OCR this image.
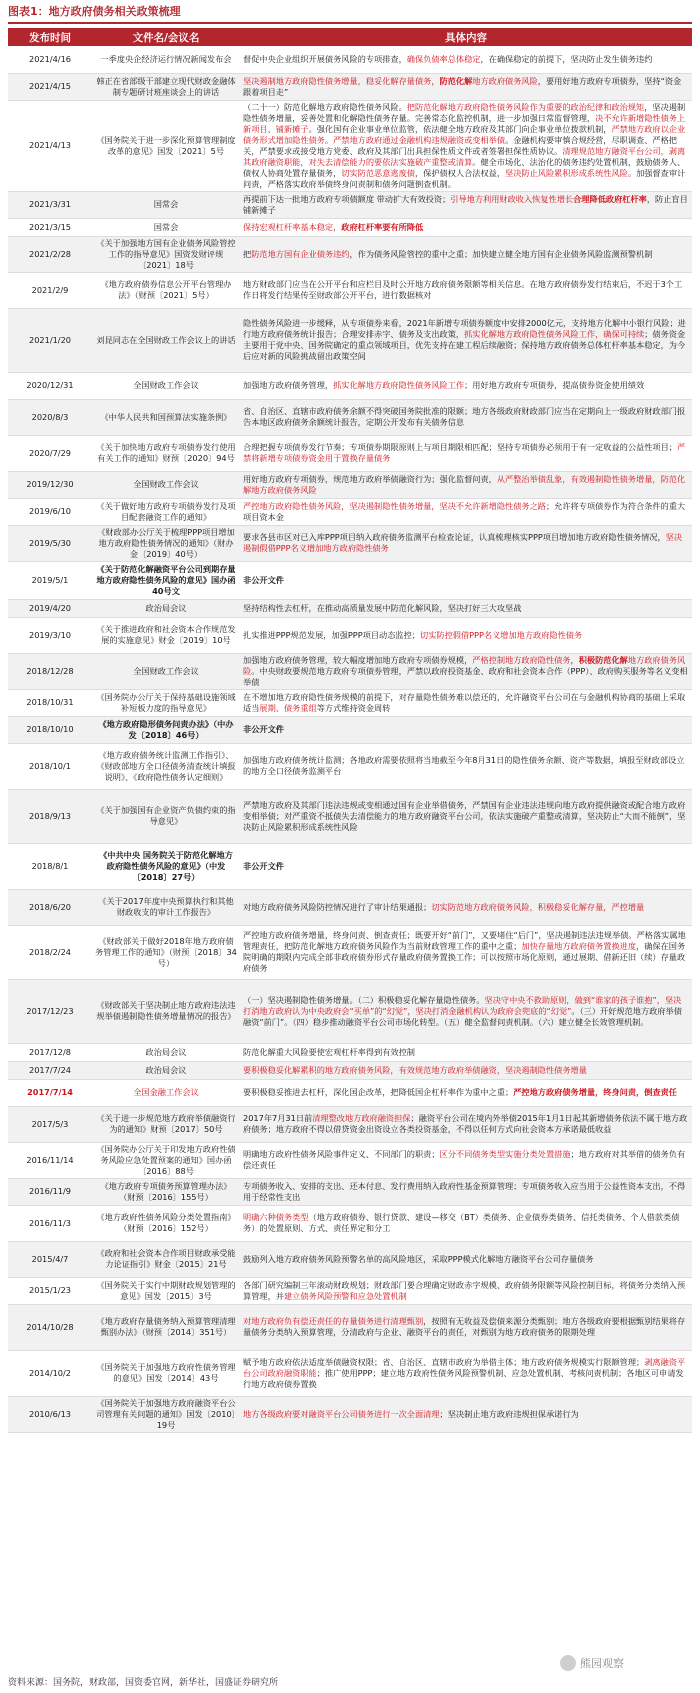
图表1：地方政府债务相关政策梳理
发布时间	文件名/会议名	具体内容
2021/4/16	一季度央企经济运行情况新闻发布会	督促中央企业组织开展债务风险的专项排查，确保负债率总体稳定，在确保稳定的前提下，坚决防止发生债务违约
2021/4/15	韩正在省部级干部建立现代财政金融体制专题研讨班座谈会上的讲话	坚决遏制地方政府隐性债务增量，稳妥化解存量债务，防范化解地方政府债务风险，要用好地方政府专项债券，坚持“资金跟着项目走”
2021/4/13	《国务院关于进一步深化预算管理制度改革的意见》国发〔2021〕5号	（二十一）防范化解地方政府隐性债务风险。把防范化解地方政府隐性债务风险作为重要的政治纪律和政治规矩，坚决遏制隐性债务增量，妥善处置和化解隐性债务存量。完善常态化监控机制，进一步加强日常监督管理，决不允许新增隐性债务上新项目、铺新摊子。强化国有企业事业单位监管，依法健全地方政府及其部门向企事业单位拨款机制，严禁地方政府以企业债务形式增加隐性债务。严禁地方政府通过金融机构违规融资或变相举债。金融机构要审慎合规经营，尽职调查、严格把关，严禁要求或接受地方党委、政府及其部门出具担保性质文件或者签署担保性质协议。清理规范地方融资平台公司，剥离其政府融资职能，对失去清偿能力的要依法实施破产重整或清算。健全市场化、法治化的债务违约处置机制，鼓励债务人、债权人协商处置存量债务，切实防范恶意逃废债，保护债权人合法权益，坚决防止风险累积形成系统性风险。加强督查审计问责，严格落实政府举债终身问责制和债务问题倒查机制。
2021/3/31	国常会	再提前下达一批地方政府专项债额度 带动扩大有效投资；引导地方利用财政收入恢复性增长合理降低政府杠杆率，防止盲目铺新摊子
2021/3/15	国常会	保持宏观杠杆率基本稳定，政府杠杆率要有所降低
2021/2/28	《关于加强地方国有企业债务风险管控工作的指导意见》国资发财评规〔2021〕18号	把防范地方国有企业债务违约，作为债务风险管控的重中之重；加快建立健全地方国有企业债务风险监测预警机制
2021/2/9	《地方政府债券信息公开平台管理办法》（财预〔2021〕5号）	地方财政部门应当在公开平台和应栏目及时公开地方政府债务限额等相关信息。在地方政府债券发行结束后，不迟于3个工作日将发行结果传至财政部公开平台，进行数据核对
2021/1/20	刘昆同志在全国财政工作会议上的讲话	隐性债务风险进一步缓释，从专项债券来看，2021年新增专项债券额度中安排2000亿元，支持地方化解中小银行风险；进行地方政府债务统计报告；合理安排赤字、债务及支出政策，抓实化解地方政府隐性债务风险工作，确保可持续；债务资金主要用于党中央、国务院确定的重点领域项目，优先支持在建工程后续融资；保持地方政府债务总体杠杆率基本稳定，为今后应对新的风险挑战留出政策空间
2020/12/31	全国财政工作会议	加强地方政府债务管理，抓实化解地方政府隐性债务风险工作；用好地方政府专项债券，提高债券资金使用绩效
2020/8/3	《中华人民共和国预算法实施条例》	省、自治区、直辖市政府债务余额不得突破国务院批准的限额；地方各级政府财政部门应当在定期向上一级政府财政部门报告本地区政府债务余额统计报告，定期公开发布有关债务信息
2020/7/29	《关于加快地方政府专项债券发行使用有关工作的通知》财预〔2020〕94号	合理把握专项债券发行节奏；专项债券期限原则上与项目期限相匹配；坚持专项债券必须用于有一定收益的公益性项目；严禁将新增专项债券资金用于置换存量债务
2019/12/30	全国财政工作会议	用好地方政府专项债券，规范地方政府举债融资行为；强化监督问责，从严整治举债乱象，有效遏制隐性债务增量，防范化解地方政府债务风险
2019/6/10	《关于做好地方政府专项债券发行及项目配套融资工作的通知》	严控地方政府隐性债务风险，坚决遏制隐性债务增量，坚决不允许新增隐性债务之路；允许将专项债券作为符合条件的重大项目资本金
2019/5/30	《财政部办公厅关于梳理PPP项目增加地方政府隐性债务情况的通知》（财办金〔2019〕40号）	要求各县市区对已入库PPP项目纳入政府债务监测平台检查论证，认真梳理核实PPP项目增加地方政府隐性债务情况，坚决遏制假借PPP名义增加地方政府隐性债务
2019/5/1	《关于防范化解融资平台公司到期存量地方政府隐性债务风险的意见》国办函40号文	非公开文件
2019/4/20	政治局会议	坚持结构性去杠杆，在推动高质量发展中防范化解风险，坚决打好三大攻坚战
2019/3/10	《关于推进政府和社会资本合作规范发展的实施意见》财金〔2019〕10号	扎实推进PPP规范发展，加强PPP项目动态监控；切实防控假借PPP名义增加地方政府隐性债务
2018/12/28	全国财政工作会议	加强地方政府债务管理，较大幅度增加地方政府专项债券规模，严格控制地方政府隐性债务，积极防范化解地方政府债务风险。中央财政要规范地方政府专项债券管理，严禁以政府投资基金、政府和社会资本合作（PPP）、政府购买服务等名义变相举债
2018/10/31	《国务院办公厅关于保持基础设施领域补短板力度的指导意见》	在不增加地方政府隐性债务规模的前提下，对存量隐性债务难以偿还的，允许融资平台公司在与金融机构协商的基础上采取适当展期、债务重组等方式维持资金周转
2018/10/10	《地方政府隐形债务问责办法》（中办发〔2018〕46号）	非公开文件
2018/10/1	《地方政府债务统计监测工作指引》、《财政部地方全口径债务清查统计填报说明》、《政府隐性债务认定细则》	加强地方政府债务统计监测；各地政府需要依照将当地截至今年8月31日的隐性债务余额、资产等数据，填报至财政部设立的地方全口径债务监测平台
2018/9/13	《关于加强国有企业资产负债约束的指导意见》	严禁地方政府及其部门违法违规或变相通过国有企业举借债务，严禁国有企业违法违规向地方政府提供融资或配合地方政府变相举债；对严重资不抵债失去清偿能力的地方政府融资平台公司，依法实施破产重整或清算，坚决防止“大而不能倒”，坚决防止风险累积形成系统性风险
2018/8/1	《中共中央 国务院关于防范化解地方政府隐性债务风险的意见》（中发〔2018〕27号）	非公开文件
2018/6/20	《关于2017年度中央预算执行和其他财政收支的审计工作报告》	对地方政府债务风险防控情况进行了审计结果通报；切实防范地方政府债务风险，积极稳妥化解存量，严控增量
2018/2/24	《财政部关于做好2018年地方政府债务管理工作的通知》（财预〔2018〕34号）	严控地方政府债务增量，终身问责、倒查责任；既要开好“前门”，又要堵住“后门”，坚决遏制违法违规举债。严格落实属地管理责任，把防范化解地方政府债务风险作为当前财政管理工作的重中之重；加快存量地方政府债务置换进度，确保在国务院明确的期限内完成全部非政府债券形式存量政府债务置换工作；可以按照市场化原则，通过展期、借新还旧（续）存量政府债务
2017/12/23	《财政部关于坚决制止地方政府违法违规举债遏制隐性债务增量情况的报告》	（一）坚决遏制隐性债务增量。（二）积极稳妥化解存量隐性债务。坚决守中央不救助原则，做到“谁家的孩子谁抱”，坚决打消地方政府认为中央政府会“买单”的“幻觉”，坚决打消金融机构认为政府会兜底的“幻觉”。（三）开好规范地方政府举债融资“前门”。（四）稳步推动融资平台公司市场化转型。（五）健全监督问责机制。（六）建立健全长效管理机制。
2017/12/8	政治局会议	防范化解重大风险要使宏观杠杆率得到有效控制
2017/7/24	政治局会议	要积极稳妥化解累积的地方政府债务风险，有效规范地方政府举债融资，坚决遏制隐性债务增量
2017/7/14	全国金融工作会议	要积极稳妥推进去杠杆，深化国企改革，把降低国企杠杆率作为重中之重；严控地方政府债务增量，终身问责，倒查责任
2017/5/3	《关于进一步规范地方政府举债融资行为的通知》财预〔2017〕50号	2017年7月31日前清理整改地方政府融资担保；融资平台公司在境内外举债2015年1月1日起其新增债务依法不属于地方政府债务；地方政府不得以借贷资金出资设立各类投资基金，不得以任何方式向社会资本方承诺最低收益
2016/11/14	《国务院办公厅关于印发地方政府性债务风险应急处置预案的通知》国办函〔2016〕88号	明确地方政府性债务风险事件定义、不同部门的职责；区分不同债务类型实施分类处置措施；地方政府对其举借的债务负有偿还责任
2016/11/9	《地方政府专项债务预算管理办法》（财预〔2016〕155号）	专项债务收入、安排的支出、还本付息、发行费用纳入政府性基金预算管理；专项债务收入应当用于公益性资本支出，不得用于经常性支出
2016/11/3	《地方政府性债务风险分类处置指南》（财预〔2016〕152号）	明确六种债务类型（地方政府债券、银行贷款、建设—移交（BT）类债务、企业债券类债务、信托类债务、个人借款类债务）的处置原则、方式、责任界定和分工
2015/4/7	《政府和社会资本合作项目财政承受能力论证指引》财金〔2015〕21号	鼓励列入地方政府债务风险预警名单的高风险地区，采取PPP模式化解地方融资平台公司存量债务
2015/1/23	《国务院关于实行中期财政规划管理的意见》国发〔2015〕3号	各部门研究编制三年滚动财政规划；财政部门要合理确定财政赤字规模、政府债务限额等风险控制目标，将债务分类纳入预算管理，并建立债务风险预警和应急处置机制
2014/10/28	《地方政府存量债务纳入预算管理清理甄别办法》（财预〔2014〕351号）	对地方政府负有偿还责任的存量债务进行清理甄别，按照有无收益及偿债来源分类甄别；地方各级政府要根据甄别结果将存量债务分类纳入预算管理，分清政府与企业、融资平台的责任，对甄别为地方政府债务的限期处理
2014/10/2	《国务院关于加强地方政府性债务管理的意见》国发〔2014〕43号	赋予地方政府依法适度举债融资权限；省、自治区、直辖市政府为举借主体；地方政府债务规模实行限额管理；剥离融资平台公司政府融资职能；推广使用PPP；建立地方政府性债务风险预警机制、应急处置机制、考核问责机制；各地区可申请发行地方政府债券置换
2010/6/13	《国务院关于加强地方政府融资平台公司管理有关问题的通知》国发〔2010〕19号	地方各级政府要对融资平台公司债务进行一次全面清理；坚决制止地方政府违规担保承诺行为
资料来源：国务院，财政部，国资委官网，新华社，国盛证券研究所
熊园观察
